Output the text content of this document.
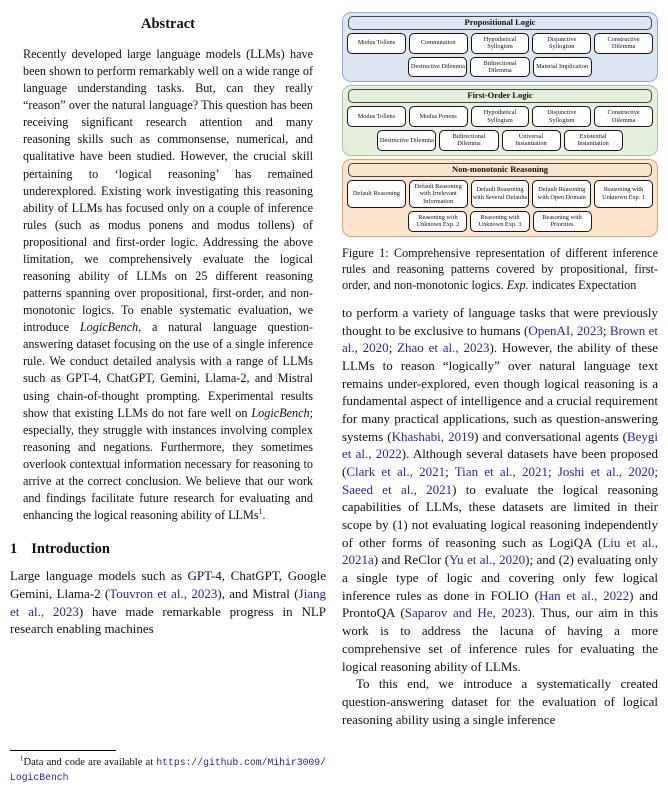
Abstract

Recently developed large language models (LLMs) have been shown to perform remarkably well on a wide range of language understanding tasks. But, can they really “reason” over the natural language? This question has been receiving significant research attention and many reasoning skills such as commonsense, numerical, and qualitative have been studied. However, the crucial skill pertaining to ‘logical reasoning’ has remained underexplored. Existing work investigating this reasoning ability of LLMs has focused only on a couple of inference rules (such as modus ponens and modus tollens) of propositional and first-order logic. Addressing the above limitation, we comprehensively evaluate the logical reasoning ability of LLMs on 25 different reasoning patterns spanning over propositional, first-order, and non-monotonic logics. To enable systematic evaluation, we introduce LogicBench, a natural language question-answering dataset focusing on the use of a single inference rule. We conduct detailed analysis with a range of LLMs such as GPT-4, ChatGPT, Gemini, Llama-2, and Mistral using chain-of-thought prompting. Experimental results show that existing LLMs do not fare well on LogicBench; especially, they struggle with instances involving complex reasoning and negations. Furthermore, they sometimes overlook contextual information necessary for reasoning to arrive at the correct conclusion. We believe that our work and findings facilitate future research for evaluating and enhancing the logical reasoning ability of LLMs$^1$.

1 Introduction

Large language models such as GPT-4, ChatGPT, Google Gemini, Llama-2 (Touvron et al., 2023), and Mistral (Jiang et al., 2023) have made remarkable progress in NLP research enabling machines

$^1$Data and code are available at https://github.com/Mihir3009/LogicBench

Propositional Logic
Modus Tollens	Commutation
Hypothetical Syllogism
Disjunctive Syllogism
Constructive Dilemma
Destructive Dilemma
Bidirectional Dilemma
Material Implication
First-Order Logic
Modus Tollens	Modus Ponens
Hypothetical Syllogism
Disjunctive Syllogism
Constructive Dilemma
Destructive Dilemma
Bidirectional Dilemma
Universal Instantiation
Existential Instantiation
Non-monotonic Reasoning
Default Reasoning
Default Reasoning with Irrelevant Information
Default Reasoning with Several Defaults
Default Reasoning with Open Domain
Reasoning with Unknown Exp. 1
Reasoning with Unknown Exp. 2
Reasoning with Unknown Exp. 3
Reasoning with Priorities

Figure 1: Comprehensive representation of different inference rules and reasoning patterns covered by propositional, first-order, and non-monotonic logics. Exp. indicates Expectation

to perform a variety of language tasks that were previously thought to be exclusive to humans (OpenAI, 2023; Brown et al., 2020; Zhao et al., 2023). However, the ability of these LLMs to reason “logically” over natural language text remains under-explored, even though logical reasoning is a fundamental aspect of intelligence and a crucial requirement for many practical applications, such as question-answering systems (Khashabi, 2019) and conversational agents (Beygi et al., 2022). Although several datasets have been proposed (Clark et al., 2021; Tian et al., 2021; Joshi et al., 2020; Saeed et al., 2021) to evaluate the logical reasoning capabilities of LLMs, these datasets are limited in their scope by (1) not evaluating logical reasoning independently of other forms of reasoning such as LogiQA (Liu et al., 2021a) and ReClor (Yu et al., 2020); and (2) evaluating only a single type of logic and covering only few logical inference rules as done in FOLIO (Han et al., 2022) and ProntoQA (Saparov and He, 2023). Thus, our aim in this work is to address the lacuna of having a more comprehensive set of inference rules for evaluating the logical reasoning ability of LLMs.

To this end, we introduce a systematically created question-answering dataset for the evaluation of logical reasoning ability using a single inference
